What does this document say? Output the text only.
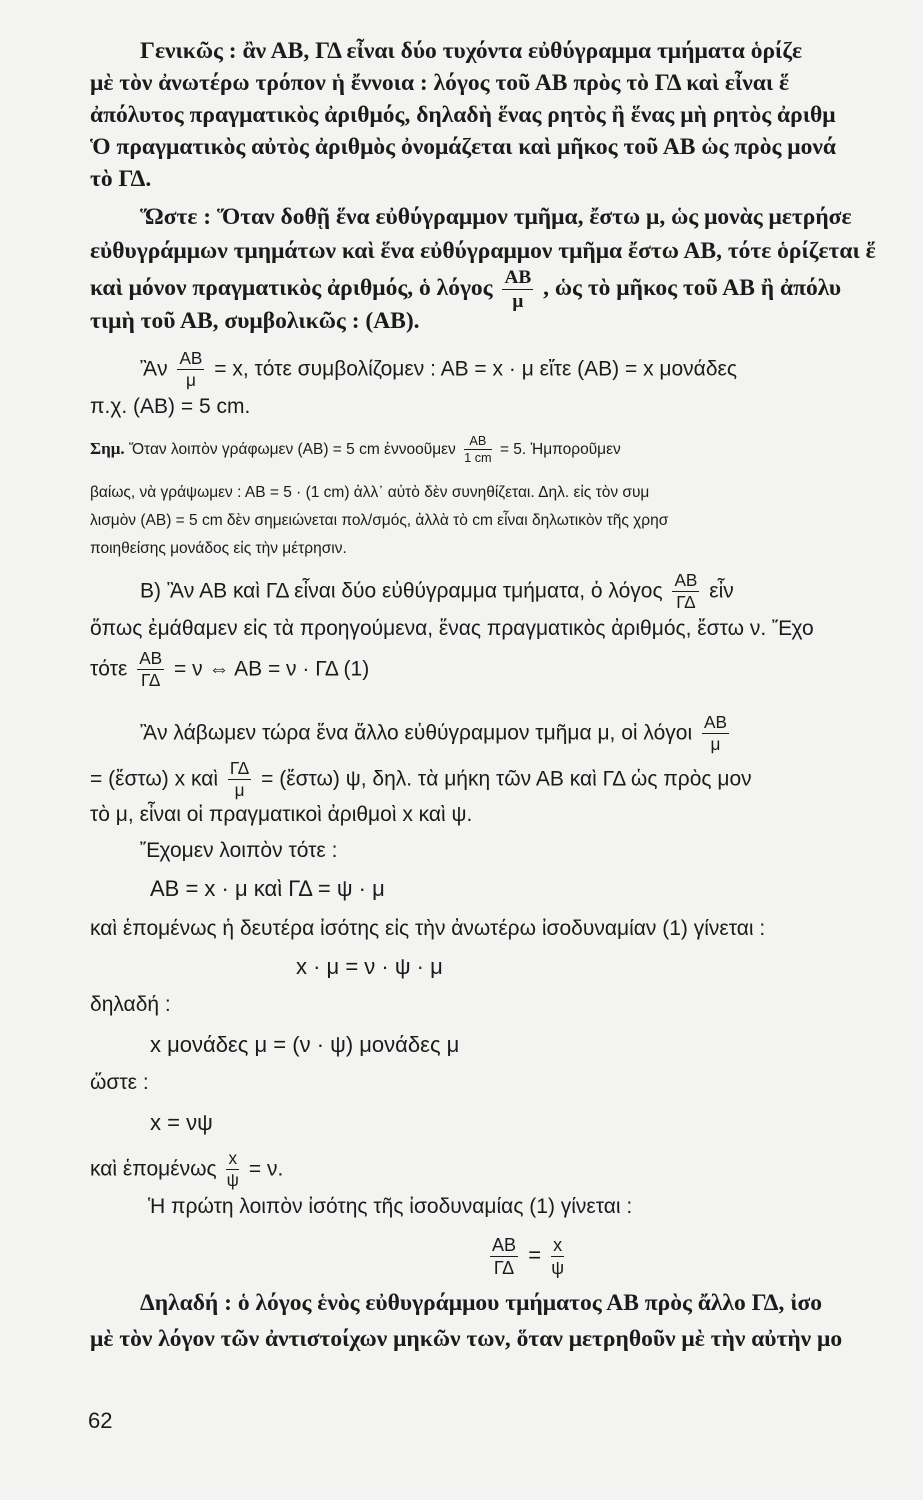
Γενικῶς : ἂν ΑΒ, ΓΔ εἶναι δύο τυχόντα εὐθύγραμμα τμήματα ὁρίζε
μὲ τὸν ἀνωτέρω τρόπον ἡ ἔννοια : λόγος τοῦ ΑΒ πρὸς τὸ ΓΔ καὶ εἶναι ἕ
ἀπόλυτος πραγματικὸς ἀριθμός, δηλαδὴ ἕνας ρητὸς ἢ ἕνας μὴ ρητὸς ἀριθμ
Ὁ πραγματικὸς αὐτὸς ἀριθμὸς ὀνομάζεται καὶ μῆκος τοῦ ΑΒ ὡς πρὸς μονά
τὸ ΓΔ.
Ὥστε : Ὅταν δοθῇ ἕνα εὐθύγραμμον τμῆμα, ἔστω μ, ὡς μονὰς μετρήσε
εὐθυγράμμων τμημάτων καὶ ἕνα εὐθύγραμμον τμῆμα ἔστω ΑΒ, τότε ὁρίζεται ἕ
καὶ μόνον πραγματικὸς ἀριθμός, ὁ λόγος $\frac{AB}{\mu}$ , ὡς τὸ μῆκος τοῦ ΑΒ ἢ ἀπόλυ
τιμὴ τοῦ ΑΒ, συμβολικῶς : (ΑΒ).
Ἂν $\frac{AB}{\mu} = x$, τότε συμβολίζομεν : ΑΒ = x · μ εἴτε (ΑΒ) = x μονάδες
π.χ. (ΑΒ) = 5 cm.
Σημ. Ὅταν λοιπὸν γράφωμεν (ΑΒ) = 5 cm ἐννοοῦμεν $\frac{AB}{1 cm} = 5$. Ἠμποροῦμεν
βαίως, νὰ γράψωμεν : ΑΒ = 5 · (1 cm) ἀλλ᾽ αὐτὸ δὲν συνηθίζεται. Δηλ. εἰς τὸν συμ
λισμὸν (ΑΒ) = 5 cm δὲν σημειώνεται πολ/σμός, ἀλλὰ τὸ cm εἶναι δηλωτικὸν τῆς χρησ
ποιηθείσης μονάδος εἰς τὴν μέτρησιν.
Β) Ἂν ΑΒ καὶ ΓΔ εἶναι δύο εὐθύγραμμα τμήματα, ὁ λόγος $\frac{AB}{\Gamma\Delta}$ εἶν
ὅπως ἐμάθαμεν εἰς τὰ προηγούμενα, ἕνας πραγματικὸς ἀριθμός, ἔστω ν. Ἔχο
τότε $\frac{AB}{\Gamma\Delta} = \nu$ ⇔ ΑΒ = ν · ΓΔ (1)
Ἂν λάβωμεν τώρα ἕνα ἄλλο εὐθύγραμμον τμῆμα μ, οἱ λόγοι $\frac{AB}{\mu}$
= (ἔστω) x καὶ $\frac{\Gamma\Delta}{\mu}$ = (ἔστω) ψ, δηλ. τὰ μήκη τῶν ΑΒ καὶ ΓΔ ὡς πρὸς μον
τὸ μ, εἶναι οἱ πραγματικοὶ ἀριθμοὶ x καὶ ψ.
Ἔχομεν λοιπὸν τότε :
ΑΒ = x · μ καὶ ΓΔ = ψ · μ
καὶ ἑπομένως ἡ δευτέρα ἰσότης εἰς τὴν ἀνωτέρω ἰσοδυναμίαν (1) γίνεται :
x · μ = ν · ψ · μ
δηλαδή :
x μονάδες μ = (ν · ψ) μονάδες μ
ὥστε :
x = νψ
καὶ ἑπομένως $\frac{x}{\psi} = \nu$.
Ἡ πρώτη λοιπὸν ἰσότης τῆς ἰσοδυναμίας (1) γίνεται :
$\frac{AB}{\Gamma\Delta} = \frac{x}{\psi}$
Δηλαδή : ὁ λόγος ἑνὸς εὐθυγράμμου τμήματος ΑΒ πρὸς ἄλλο ΓΔ, ἰσο
μὲ τὸν λόγον τῶν ἀντιστοίχων μηκῶν των, ὅταν μετρηθοῦν μὲ τὴν αὐτὴν μο
62
